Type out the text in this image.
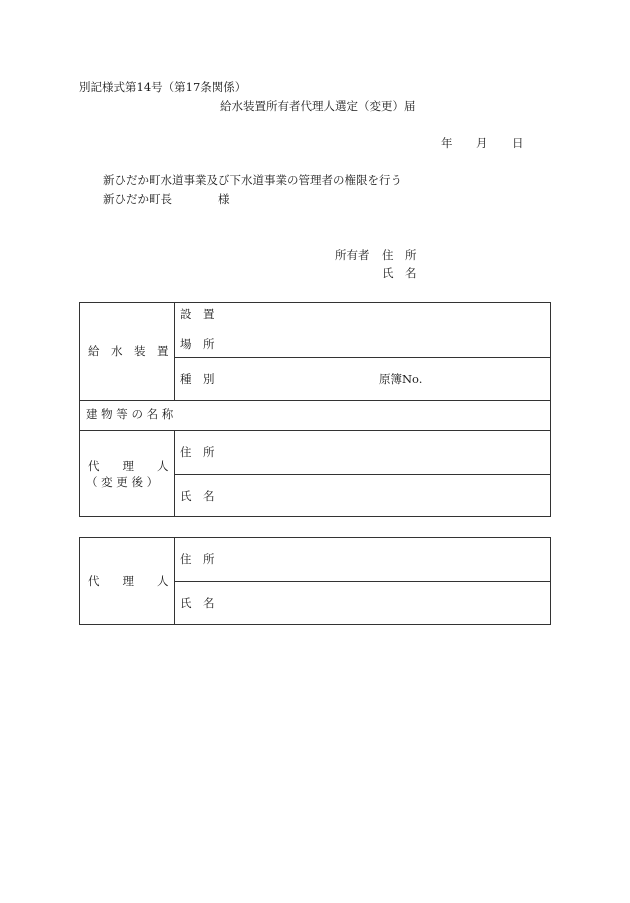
別記様式第14号（第17条関係）
給水装置所有者代理人選定（変更）届
年 月 日
新ひだか町水道事業及び下水道事業の管理者の権限を行う
新ひだか町長	様
所有者 住　所
氏　名
給　水　装　置
設　置
場　所
種　別	原簿No.
建 物 等 の 名 称
代　　理　　人
（ 変 更 後 ）
住　所
氏　名
代　　理　　人
住　所
氏　名
